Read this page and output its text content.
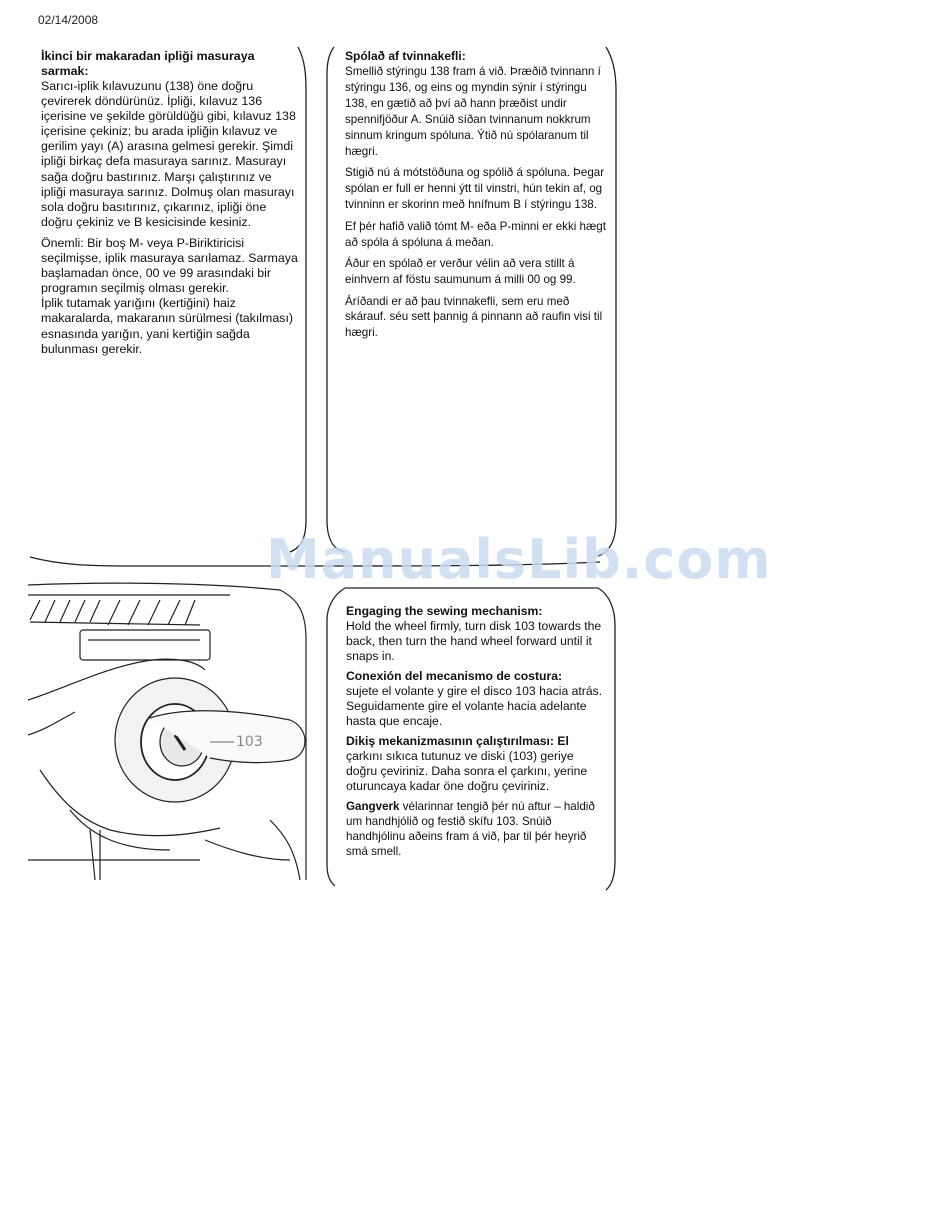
02/14/2008
103
ManualsLib.com
İkinci bir makaradan ipliği masuraya sarmak:

Sarıcı-iplik kılavuzunu (138) öne doğru çevirerek döndürünüz. İpliği, kılavuz 136 içerisine ve şekilde görüldüğü gibi, kılavuz 138 içerisine çekiniz; bu arada ipliğin kılavuz ve gerilim yayı (A) arasına gelmesi gerekir. Şimdi ipliği birkaç defa masuraya sarınız. Masurayı sağa doğru bastırınız. Marşı çalıştırınız ve ipliği masuraya sarınız. Dolmuş olan masurayı sola doğru basıtırınız, çıkarınız, ipliği öne doğru çekiniz ve B kesicisinde kesiniz.

Önemli: Bir boş M- veya P-Biriktiricisi seçilmişse, iplik masuraya sarılamaz. Sarmaya başlamadan önce, 00 ve 99 arasındaki bir programın seçilmiş olması gerekir.

İplik tutamak yarığını (kertiğini) haiz makaralarda, makaranın sürülmesi (takılması) esnasında yarığın, yani kertiğin sağda bulunması gerekir.

Spólað af tvinnakefli:

Smellið stýringu 138 fram á við. Þræðið tvinnann í stýringu 136, og eins og myndin sýnir í stýringu 138, en gætið að því að hann þræðist undir spennifjöður A. Snúið síðan tvinnanum nokkrum sinnum kringum spóluna. Ýtið nú spólaranum til hægri.

Stigið nú á mótstöðuna og spólið á spóluna. Þegar spólan er full er henni ýtt til vinstri, hún tekin af, og tvinninn er skorinn með hnífnum B í stýringu 138.

Ef þér hafið valið tómt M- eða P-minni er ekki hægt að spóla á spóluna á meðan.

Áður en spólað er verður vélin að vera stillt á einhvern af föstu saumunum á milli 00 og 99.

Áríðandi er að þau tvinnakefli, sem eru með skárauf. séu sett þannig á pinnann að raufin visi til hægri.

Engaging the sewing mechanism:
Hold the wheel firmly, turn disk 103 towards the back, then turn the hand wheel forward until it snaps in.

Conexión del mecanismo de costura:
sujete el volante y gire el disco 103 hacia atrás. Seguidamente gire el volante hacia adelante hasta que encaje.

Dikiş mekanizmasının çalıştırılması: El çarkını sıkıca tutunuz ve diski (103) geriye doğru çeviriniz. Daha sonra el çarkını, yerine oturuncaya kadar öne doğru çeviriniz.

Gangverk vélarinnar tengið þér nú aftur – haldið um handhjólið og festið skífu 103. Snúið handhjólinu aðeins fram á við, þar til þér heyrið smá smell.
